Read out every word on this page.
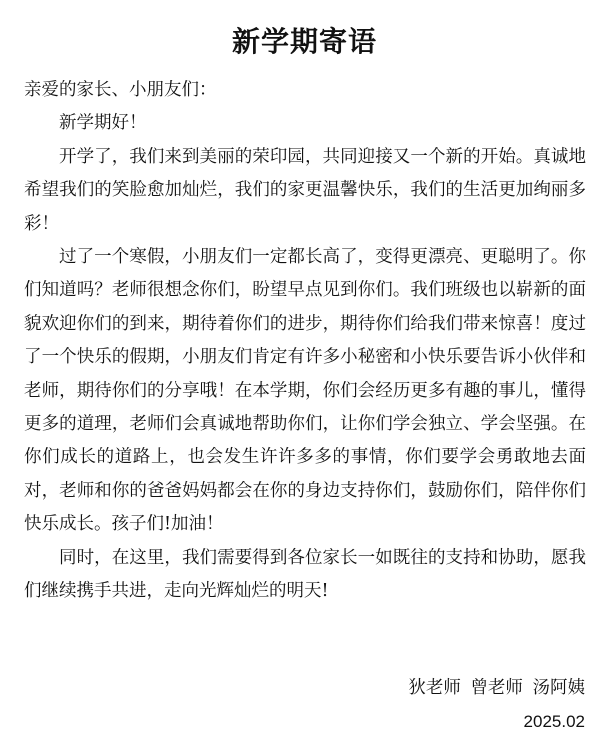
新学期寄语

亲爱的家长、小朋友们：

新学期好！

开学了，我们来到美丽的荣印园，共同迎接又一个新的开始。真诚地希望我们的笑脸愈加灿烂，我们的家更温馨快乐，我们的生活更加绚丽多彩！

过了一个寒假，小朋友们一定都长高了，变得更漂亮、更聪明了。你们知道吗？老师很想念你们，盼望早点见到你们。我们班级也以崭新的面貌欢迎你们的到来，期待着你们的进步，期待你们给我们带来惊喜！度过了一个快乐的假期，小朋友们肯定有许多小秘密和小快乐要告诉小伙伴和老师，期待你们的分享哦！在本学期，你们会经历更多有趣的事儿，懂得更多的道理，老师们会真诚地帮助你们，让你们学会独立、学会坚强。在你们成长的道路上，也会发生许许多多的事情，你们要学会勇敢地去面对，老师和你的爸爸妈妈都会在你的身边支持你们，鼓励你们，陪伴你们快乐成长。孩子们!加油！

同时，在这里，我们需要得到各位家长一如既往的支持和协助，愿我们继续携手共进，走向光辉灿烂的明天!

狄老师 曾老师 汤阿姨
2025.02
